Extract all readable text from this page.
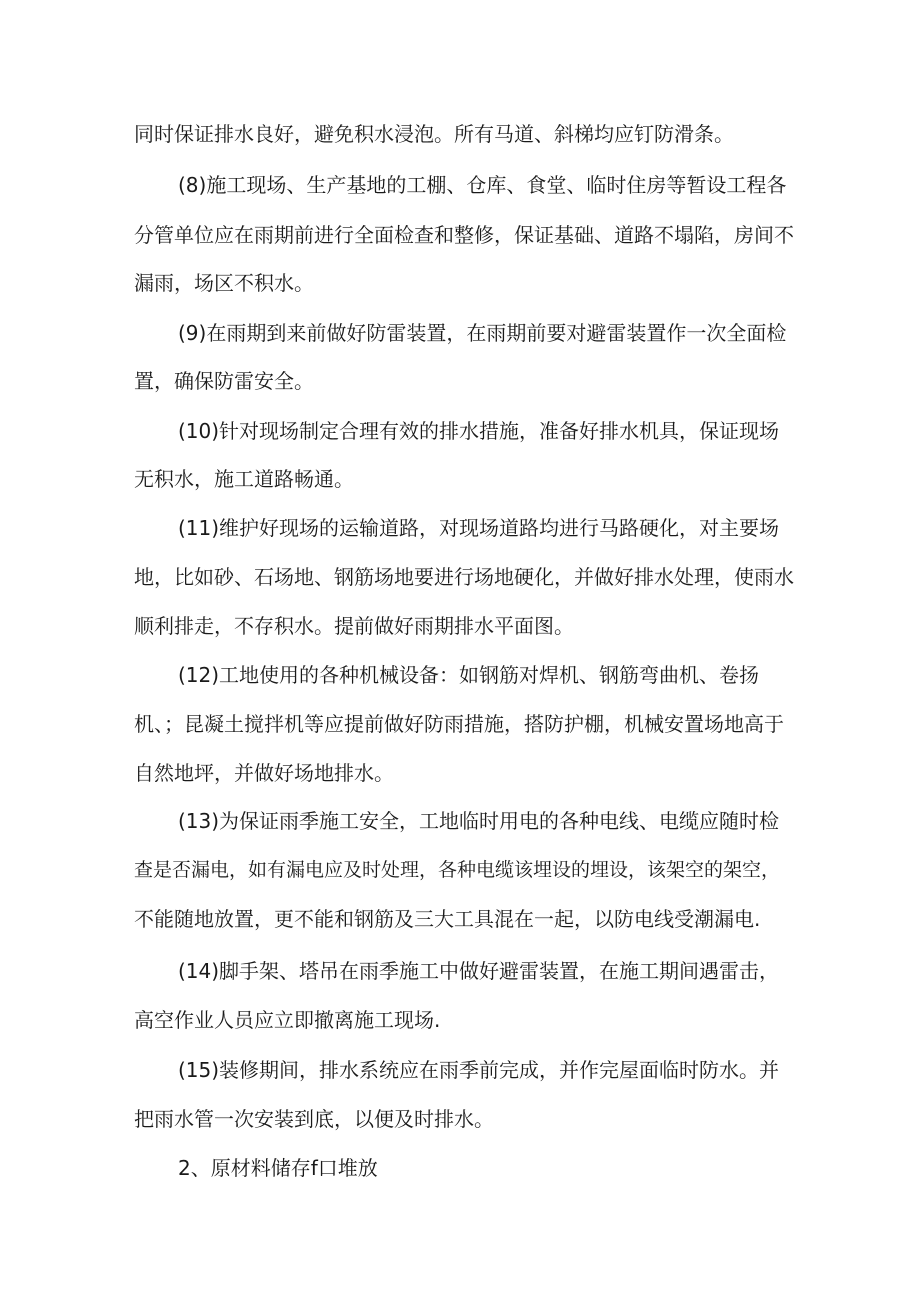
同时保证排水良好，避免积水浸泡。所有马道、斜梯均应钉防滑条。
(8)施工现场、生产基地的工棚、仓库、食堂、临时住房等暂设工程各
分管单位应在雨期前进行全面检查和整修，保证基础、道路不塌陷，房间不
漏雨，场区不积水。
(9)在雨期到来前做好防雷装置，在雨期前要对避雷装置作一次全面检
置，确保防雷安全。
(10)针对现场制定合理有效的排水措施，准备好排水机具，保证现场
无积水，施工道路畅通。
(11)维护好现场的运输道路，对现场道路均进行马路硬化，对主要场
地，比如砂、石场地、钢筋场地要进行场地硬化，并做好排水处理，使雨水
顺利排走，不存积水。提前做好雨期排水平面图。
(12)工地使用的各种机械设备：如钢筋对焊机、钢筋弯曲机、卷扬
机、；昆凝土搅拌机等应提前做好防雨措施，搭防护棚，机械安置场地高于
自然地坪，并做好场地排水。
(13)为保证雨季施工安全，工地临时用电的各种电线、电缆应随时检
查是否漏电，如有漏电应及时处理，各种电缆该埋设的埋设，该架空的架空，
不能随地放置，更不能和钢筋及三大工具混在一起，以防电线受潮漏电.
(14)脚手架、塔吊在雨季施工中做好避雷装置，在施工期间遇雷击，
高空作业人员应立即撤离施工现场.
(15)装修期间，排水系统应在雨季前完成，并作完屋面临时防水。并
把雨水管一次安装到底，以便及时排水。
2、原材料储存f口堆放
